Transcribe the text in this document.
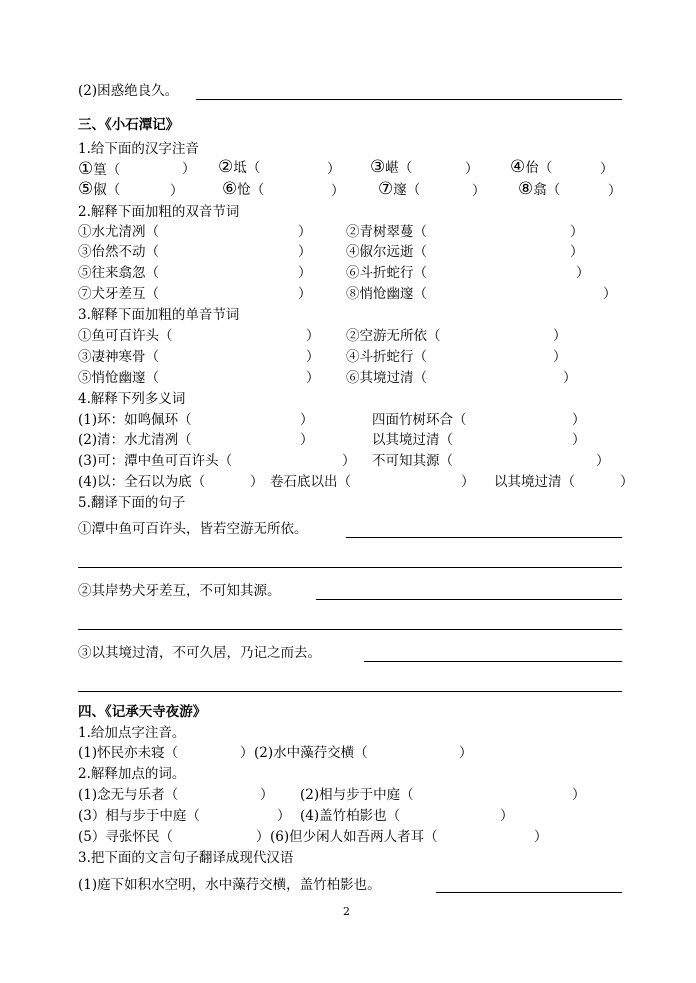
(2)困惑绝良久。
三、《小石潭记》
1.给下面的汉字注音
①篁（	） ②坻（	） ③嵁（	） ④佁（	）
⑤俶（	） ⑥怆（	） ⑦邃（	） ⑧翕（	）
2.解释下面加粗的双音节词
①水尤清冽（	）	②青树翠蔓（	）
③佁然不动（	）	④俶尔远逝（	）
⑤往来翕忽（	）	⑥斗折蛇行（	）
⑦犬牙差互（	）	⑧悄怆幽邃（	）
3.解释下面加粗的单音节词
①鱼可百许头（	） ②空游无所依（	）
③凄神寒骨（	） ④斗折蛇行（	）
⑤悄怆幽邃（	） ⑥其境过清（	）
4.解释下列多义词
(1)环：如鸣佩环（	）	四面竹树环合（	）
(2)清：水尤清冽（	）	以其境过清（	）
(3)可：潭中鱼可百许头（	） 不可知其源（	）
(4)以：全石以为底（	） 卷石底以出（	） 以其境过清（	）
5.翻译下面的句子
①潭中鱼可百许头，皆若空游无所依。
②其岸势犬牙差互，不可知其源。
③以其境过清，不可久居，乃记之而去。
四、《记承天寺夜游》
1.给加点字注音。
(1)怀民亦未寝（	） (2)水中藻荇交横（	）
2.解释加点的词。
(1)念无与乐者（	） (2)相与步于中庭（	）
(3）相与步于中庭（	） (4)盖竹柏影也（	）
(5）寻张怀民（	） (6)但少闲人如吾两人者耳（	）
3.把下面的文言句子翻译成现代汉语
(1)庭下如积水空明，水中藻荇交横，盖竹柏影也。
2
